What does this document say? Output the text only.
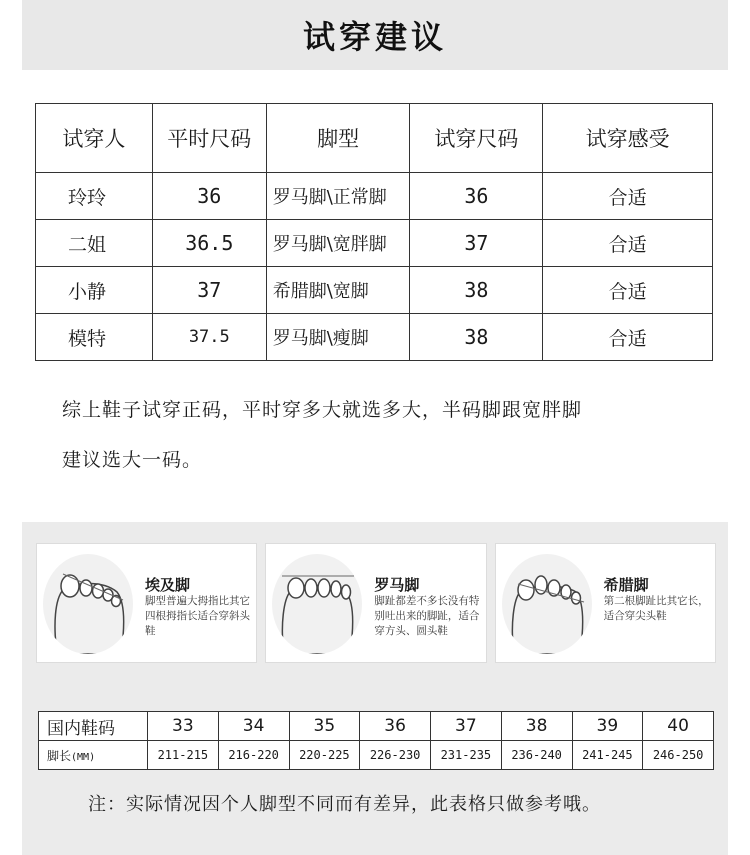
试穿建议
试穿人	平时尺码	脚型	试穿尺码	试穿感受
玲玲	36	罗马脚\正常脚	36	合适
二姐	36.5	罗马脚\宽胖脚	37	合适
小静	37	希腊脚\宽脚	38	合适
模特	37.5	罗马脚\瘦脚	38	合适
综上鞋子试穿正码，平时穿多大就选多大，半码脚跟宽胖脚
建议选大一码。
埃及脚
脚型普遍大拇指比其它四根拇指长适合穿斜头鞋
罗马脚
脚趾都差不多长没有特别吐出来的脚趾，适合穿方头、圆头鞋
希腊脚
第二根脚趾比其它长，适合穿尖头鞋
国内鞋码	33	34	35	36	37	38	39	40
脚长(MM)	211-215	216-220	220-225	226-230	231-235	236-240	241-245	246-250
注：实际情况因个人脚型不同而有差异，此表格只做参考哦。
